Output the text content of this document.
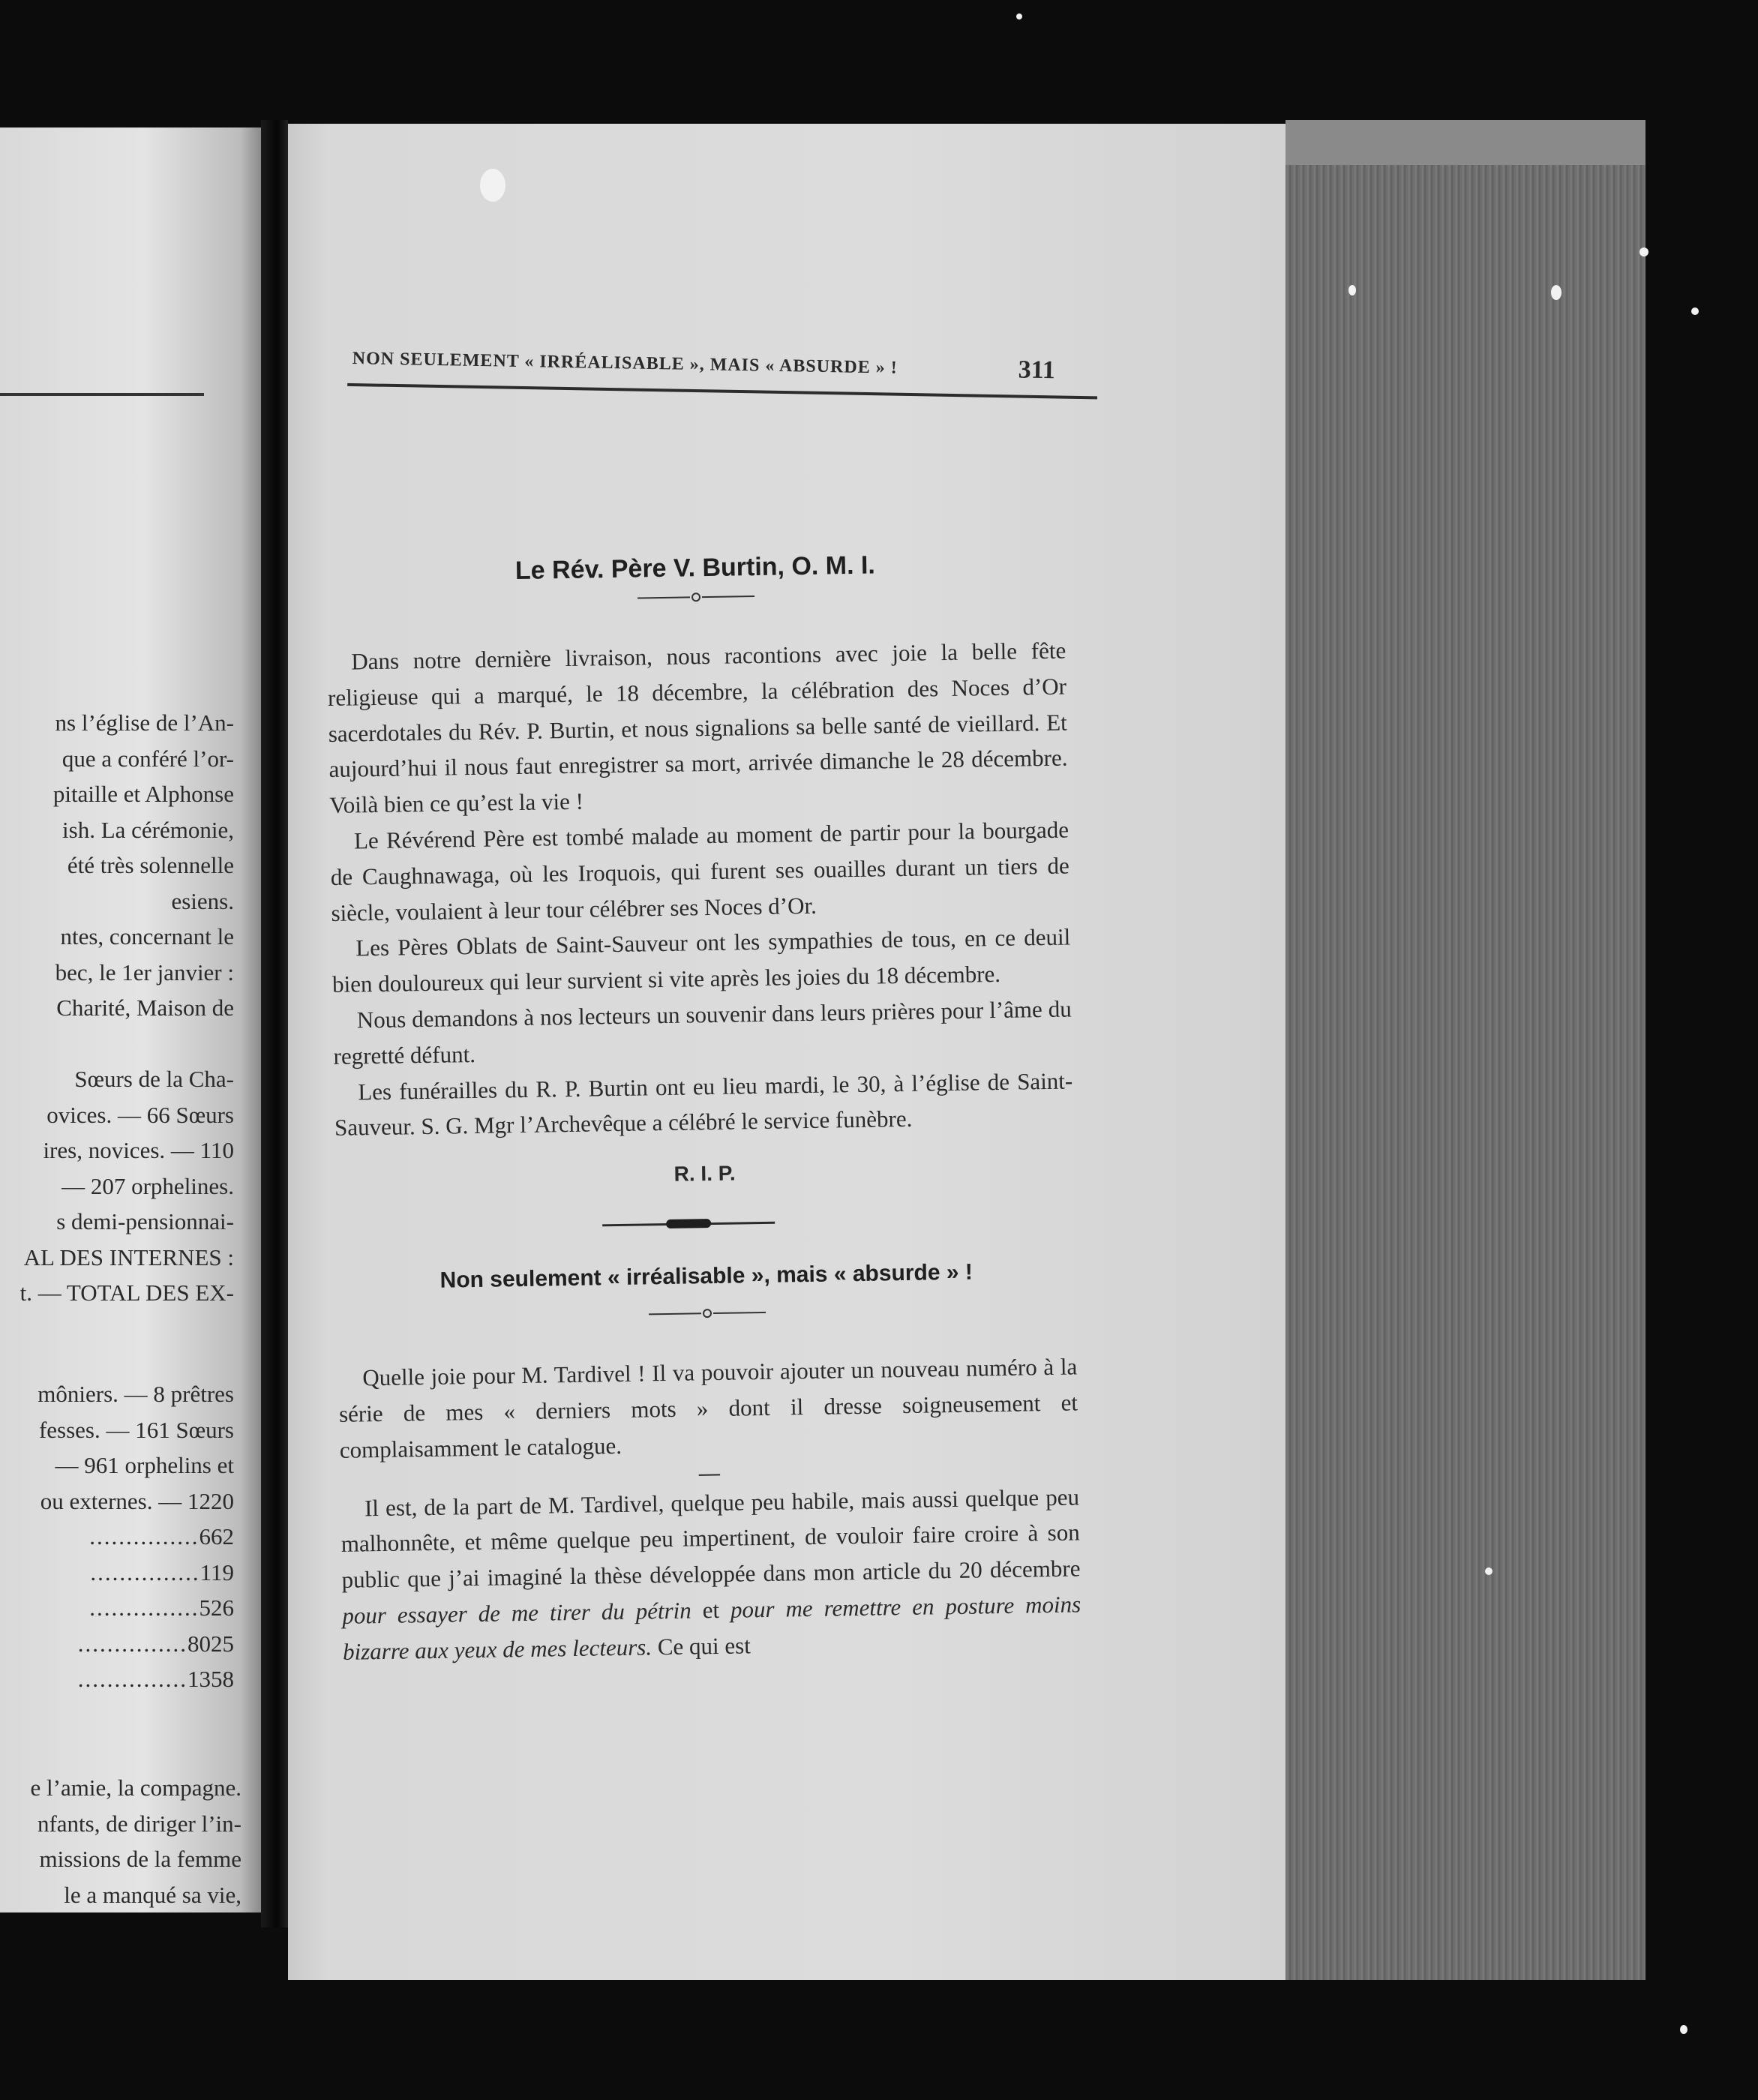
ns l’église de l’An-
que a conféré l’or-
pitaille et Alphonse
ish. La cérémonie,
été très solennelle
esiens.
ntes, concernant le
bec, le 1er janvier :
Charité, Maison de
Sœurs de la Cha-
ovices. — 66 Sœurs
ires, novices. — 110
— 207 orphelines.
s demi-pensionnai-
AL DES INTERNES :
t. — TOTAL DES EX-
môniers. — 8 prêtres
fesses. — 161 Sœurs
— 961 orphelins et
ou externes. — 1220
............... 662
............... 119
............... 526
............... 8025
............... 1358
e l’amie, la compagne.
nfants, de diriger l’in-
missions de la femme
le a manqué sa vie,
NON SEULEMENT « IRRÉALISABLE », MAIS « ABSURDE » !	311
Le Rév. Père V. Burtin, O. M. I.

Dans notre dernière livraison, nous racontions avec joie la belle fête religieuse qui a marqué, le 18 décembre, la célébration des Noces d’Or sacerdotales du Rév. P. Burtin, et nous signalions sa belle santé de vieillard. Et aujourd’hui il nous faut enregistrer sa mort, arrivée dimanche le 28 décembre. Voilà bien ce qu’est la vie !

Le Révérend Père est tombé malade au moment de partir pour la bourgade de Caughnawaga, où les Iroquois, qui furent ses ouailles durant un tiers de siècle, voulaient à leur tour célébrer ses Noces d’Or.

Les Pères Oblats de Saint-Sauveur ont les sympathies de tous, en ce deuil bien douloureux qui leur survient si vite après les joies du 18 décembre.

Nous demandons à nos lecteurs un souvenir dans leurs prières pour l’âme du regretté défunt.

Les funérailles du R. P. Burtin ont eu lieu mardi, le 30, à l’église de Saint-Sauveur. S. G. Mgr l’Archevêque a célébré le service funèbre.

R. I. P.
Non seulement « irréalisable », mais « absurde » !

Quelle joie pour M. Tardivel ! Il va pouvoir ajouter un nouveau numéro à la série de mes « derniers mots » dont il dresse soigneusement et complaisamment le catalogue.

—

Il est, de la part de M. Tardivel, quelque peu habile, mais aussi quelque peu malhonnête, et même quelque peu impertinent, de vouloir faire croire à son public que j’ai imaginé la thèse développée dans mon article du 20 décembre pour essayer de me tirer du pétrin et pour me remettre en posture moins bizarre aux yeux de mes lecteurs. Ce qui est
